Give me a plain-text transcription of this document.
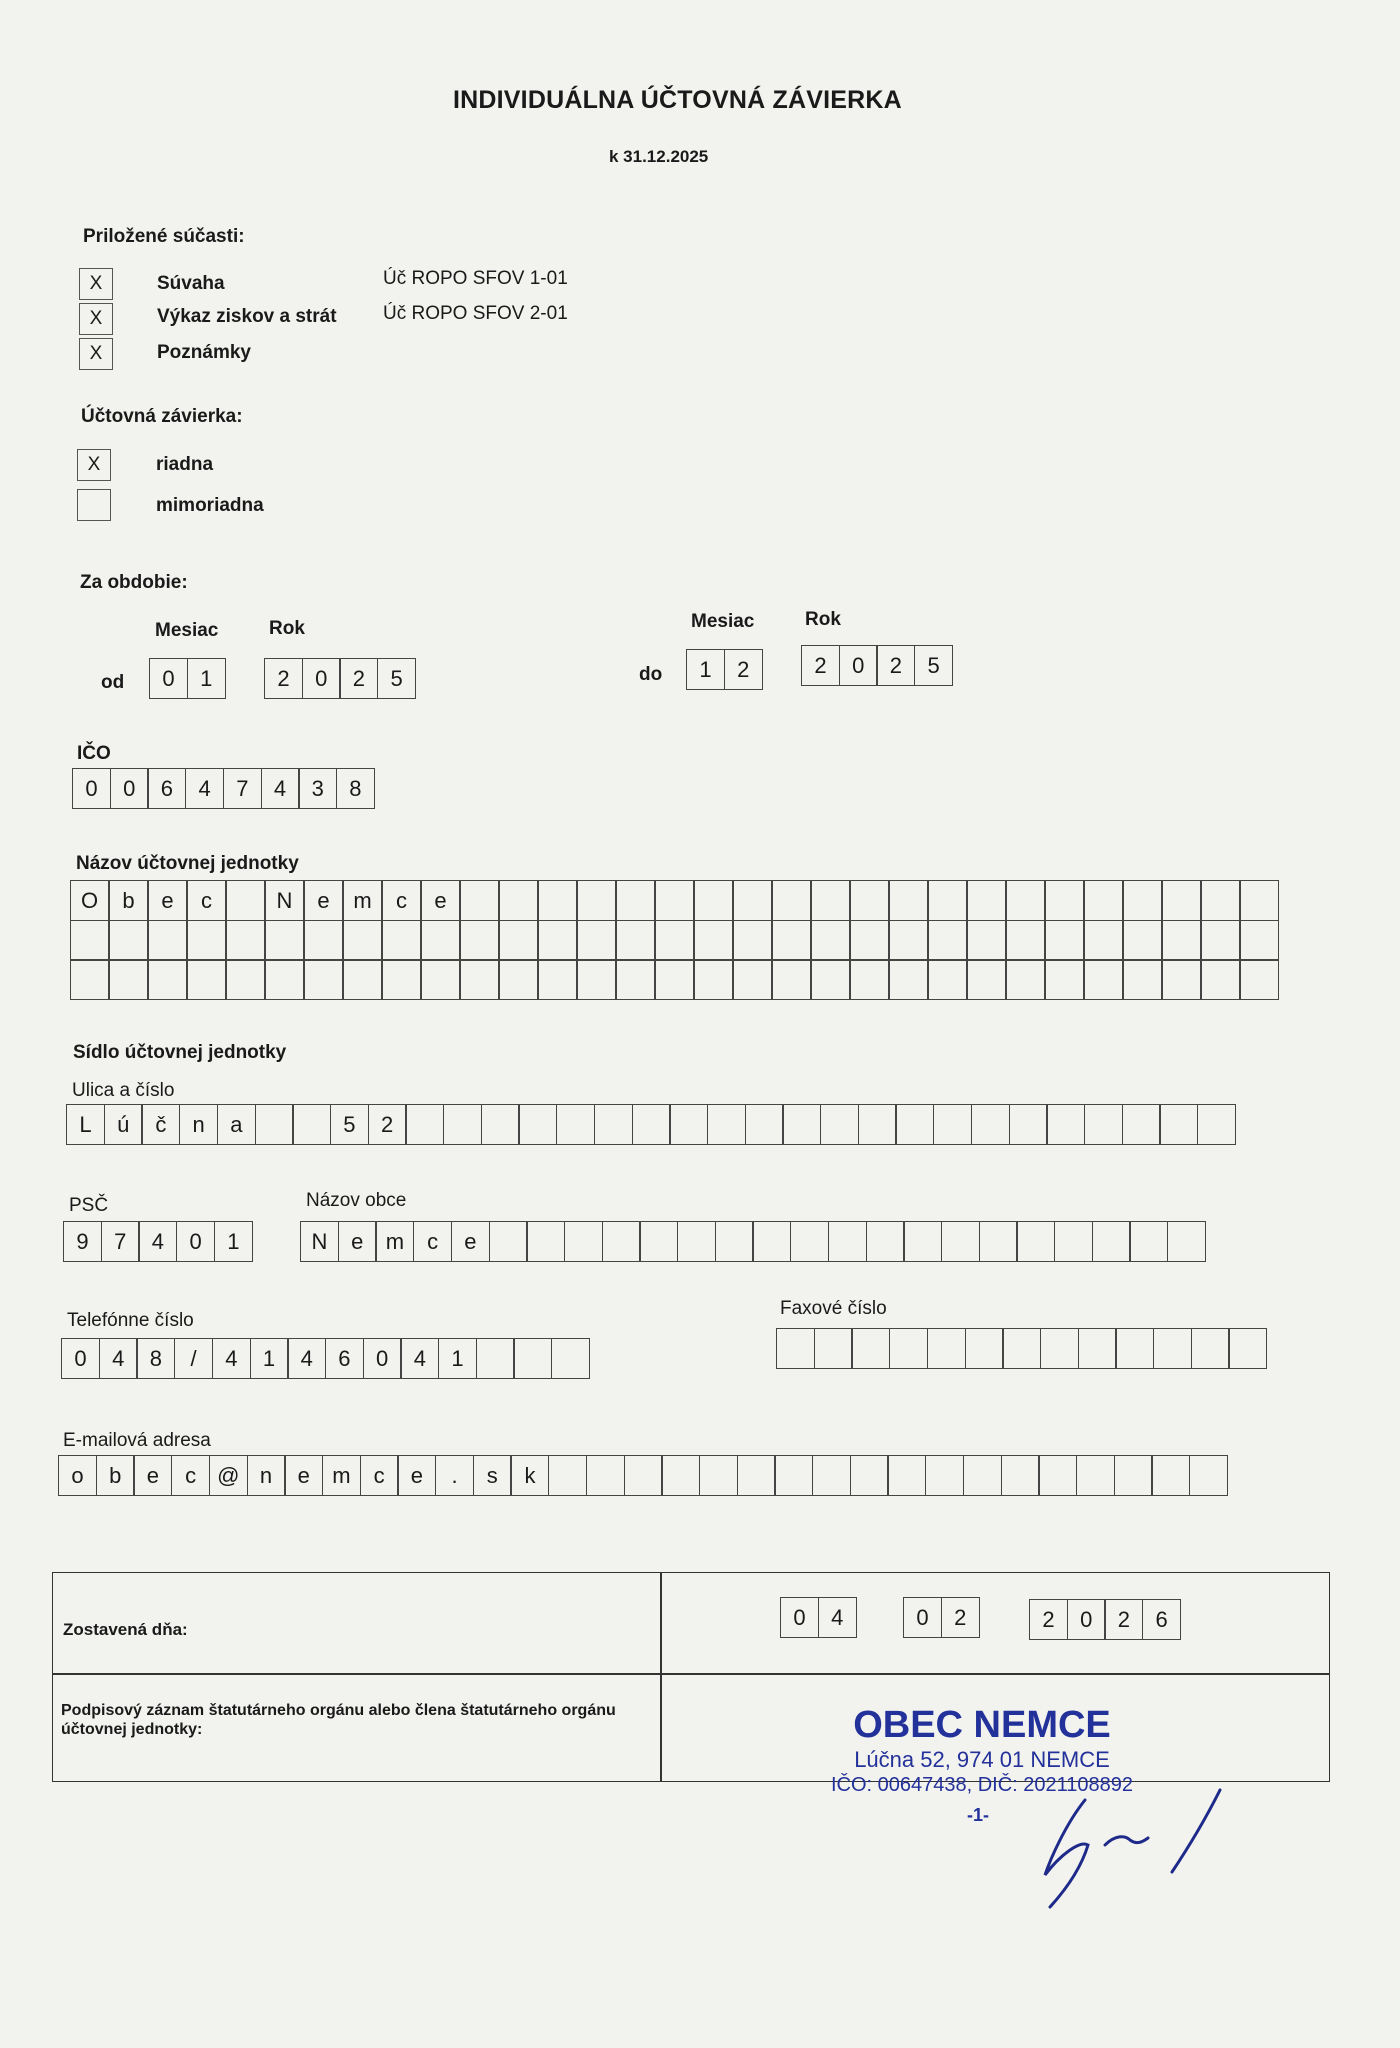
INDIVIDUÁLNA ÚČTOVNÁ ZÁVIERKA
k 31.12.2025
Priložené súčasti:
X	Súvaha	Úč ROPO SFOV 1-01
X	Výkaz ziskov a strát Úč ROPO SFOV 2-01
X	Poznámky
Účtovná závierka:
X	riadna
mimoriadna
Za obdobie:
Mesiac	Rok	Mesiac	Rok
od	0	1	2	0	2	5	do	1	2	2	0	2	5
IČO
0	0	6	4	7	4	3	8
Názov účtovnej jednotky
O	b	e	c	N	e	m	c	e
Sídlo účtovnej jednotky
Ulica a číslo
L	ú	č	n	a	5	2
PSČ
9	7	4	0	1
Názov obce
N	e	m	c	e
Telefónne číslo
0	4	8	/	4	1	4	6	0	4	1
Faxové číslo
E-mailová adresa
o	b	e	c @ n	e	m	c	e	.	s	k
Zostavená dňa:	0	4	0	2	2	0	2	6
Podpisový záznam štatutárneho orgánu alebo člena štatutárneho orgánu účtovnej jednotky:	OBEC NEMCE
Lúčna 52, 974 01 NEMCE
IČO: 00647438, DIČ: 2021108892
-1-
